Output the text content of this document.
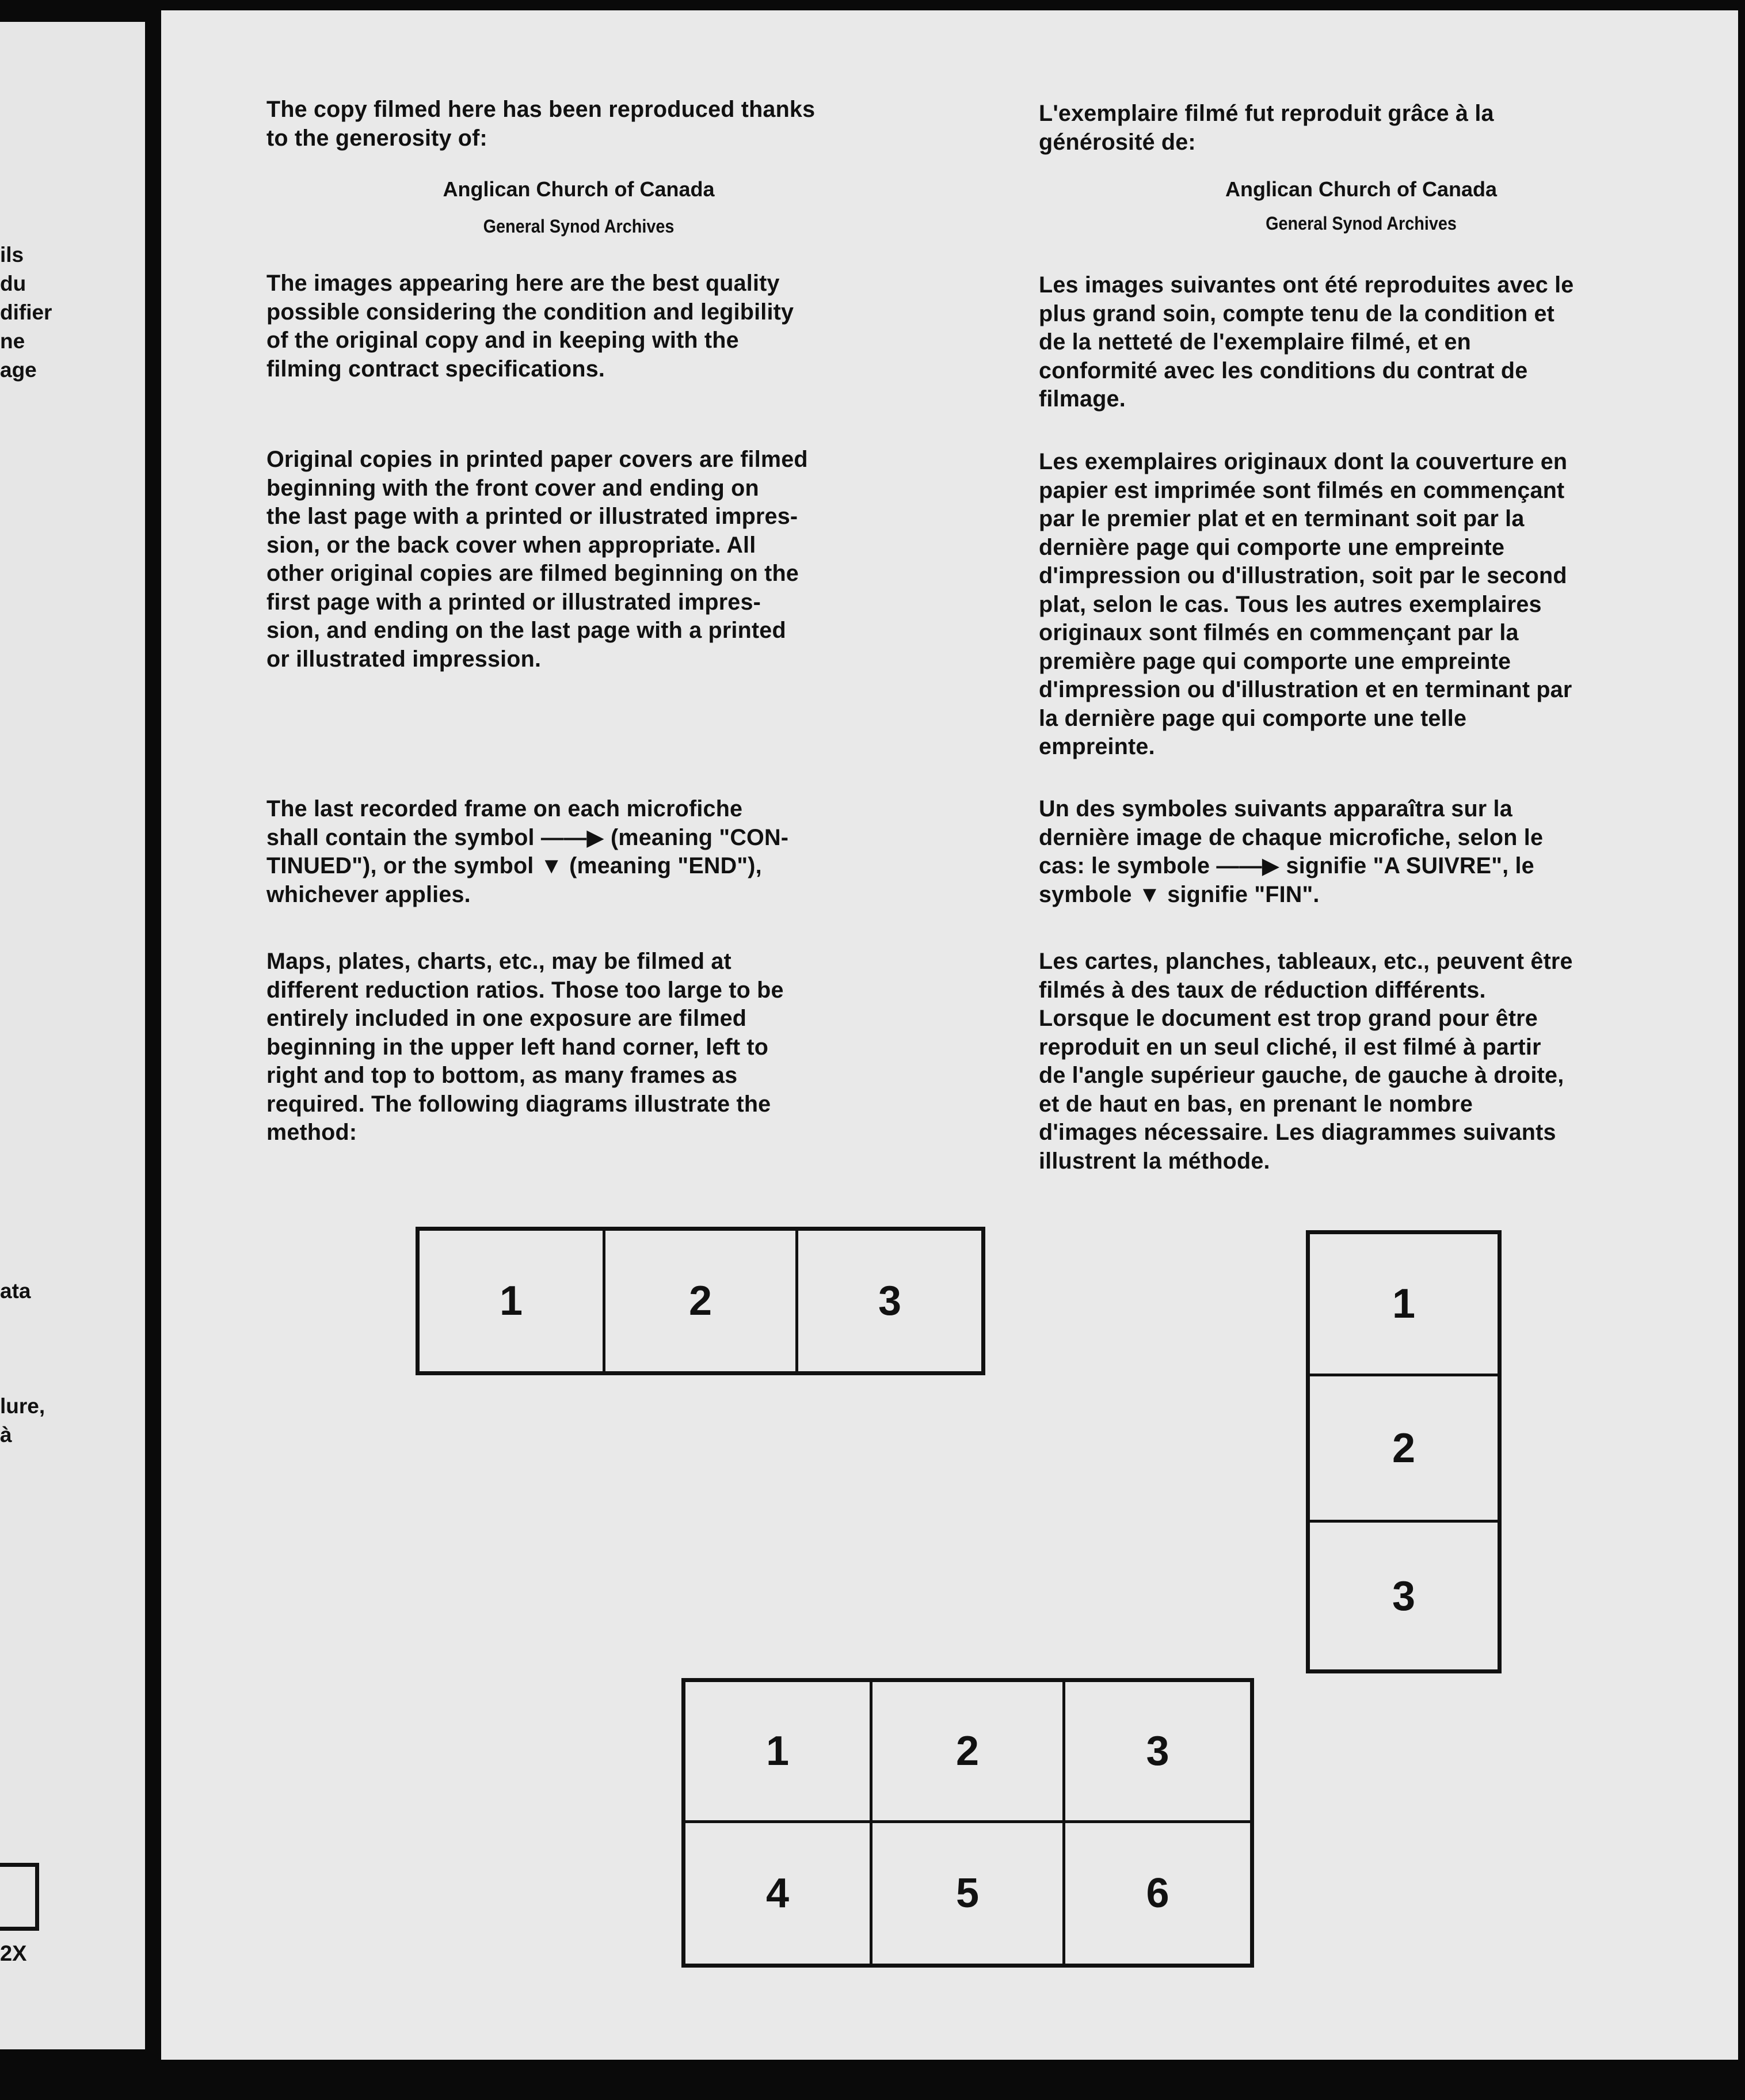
ils
du
difier
ne
age
ata
lure,
à
2X
The copy filmed here has been reproduced thanks
to the generosity of:
Anglican Church of Canada
General Synod Archives
The images appearing here are the best quality
possible considering the condition and legibility
of the original copy and in keeping with the
filming contract specifications.
Original copies in printed paper covers are filmed
beginning with the front cover and ending on
the last page with a printed or illustrated impres-
sion, or the back cover when appropriate. All
other original copies are filmed beginning on the
first page with a printed or illustrated impres-
sion, and ending on the last page with a printed
or illustrated impression.
The last recorded frame on each microfiche
shall contain the symbol ——▶ (meaning "CON-
TINUED"), or the symbol ▼ (meaning "END"),
whichever applies.
Maps, plates, charts, etc., may be filmed at
different reduction ratios. Those too large to be
entirely included in one exposure are filmed
beginning in the upper left hand corner, left to
right and top to bottom, as many frames as
required. The following diagrams illustrate the
method:
L'exemplaire filmé fut reproduit grâce à la
générosité de:
Anglican Church of Canada
General Synod Archives
Les images suivantes ont été reproduites avec le
plus grand soin, compte tenu de la condition et
de la netteté de l'exemplaire filmé, et en
conformité avec les conditions du contrat de
filmage.
Les exemplaires originaux dont la couverture en
papier est imprimée sont filmés en commençant
par le premier plat et en terminant soit par la
dernière page qui comporte une empreinte
d'impression ou d'illustration, soit par le second
plat, selon le cas. Tous les autres exemplaires
originaux sont filmés en commençant par la
première page qui comporte une empreinte
d'impression ou d'illustration et en terminant par
la dernière page qui comporte une telle
empreinte.
Un des symboles suivants apparaîtra sur la
dernière image de chaque microfiche, selon le
cas: le symbole ——▶ signifie "A SUIVRE", le
symbole ▼ signifie "FIN".
Les cartes, planches, tableaux, etc., peuvent être
filmés à des taux de réduction différents.
Lorsque le document est trop grand pour être
reproduit en un seul cliché, il est filmé à partir
de l'angle supérieur gauche, de gauche à droite,
et de haut en bas, en prenant le nombre
d'images nécessaire. Les diagrammes suivants
illustrent la méthode.
1	2	3	1
2
3
1	2	3
4	5	6
